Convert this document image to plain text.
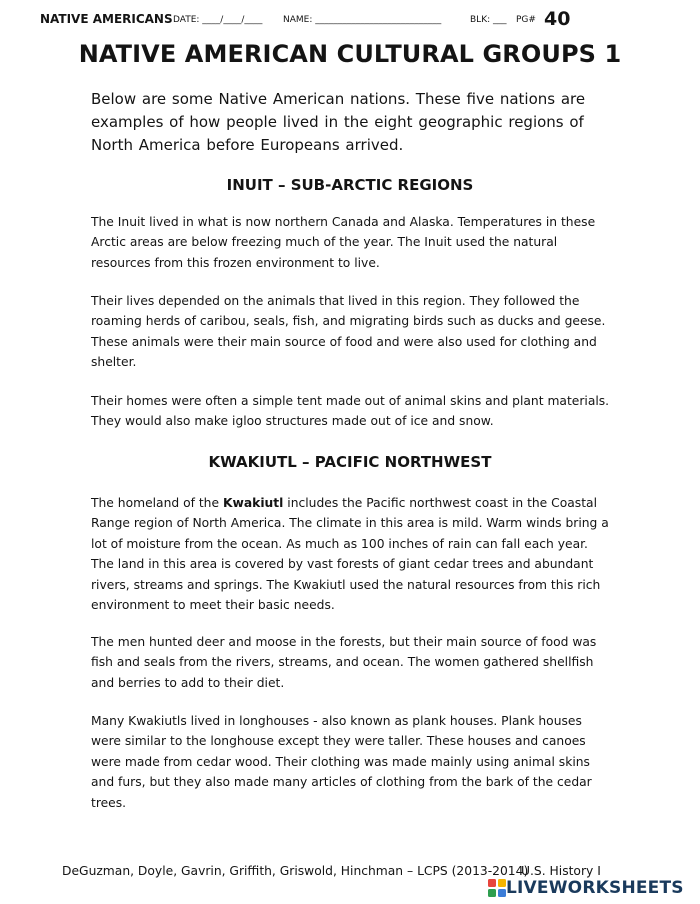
NATIVE AMERICANS DATE: ____/____/____ NAME: ____________________________	BLK: ___ PG# 40
NATIVE AMERICAN CULTURAL GROUPS 1
Below are some Native American nations. These five nations are examples of how people lived in the eight geographic regions of North America before Europeans arrived.
INUIT – SUB-ARCTIC REGIONS
The Inuit lived in what is now northern Canada and Alaska. Temperatures in these Arctic areas are below freezing much of the year. The Inuit used the natural resources from this frozen environment to live.
Their lives depended on the animals that lived in this region. They followed the roaming herds of caribou, seals, fish, and migrating birds such as ducks and geese. These animals were their main source of food and were also used for clothing and shelter.
Their homes were often a simple tent made out of animal skins and plant materials. They would also make igloo structures made out of ice and snow.
KWAKIUTL – PACIFIC NORTHWEST
The homeland of the Kwakiutl includes the Pacific northwest coast in the Coastal Range region of North America. The climate in this area is mild. Warm winds bring a lot of moisture from the ocean. As much as 100 inches of rain can fall each year. The land in this area is covered by vast forests of giant cedar trees and abundant rivers, streams and springs. The Kwakiutl used the natural resources from this rich environment to meet their basic needs.
The men hunted deer and moose in the forests, but their main source of food was fish and seals from the rivers, streams, and ocean. The women gathered shellfish and berries to add to their diet.
Many Kwakiutls lived in longhouses - also known as plank houses. Plank houses were similar to the longhouse except they were taller. These houses and canoes were made from cedar wood. Their clothing was made mainly using animal skins and furs, but they also made many articles of clothing from the bark of the cedar trees.
DeGuzman, Doyle, Gavrin, Griffith, Griswold, Hinchman – LCPS (2013-2014)
U.S. History I
LIVEWORKSHEETS
